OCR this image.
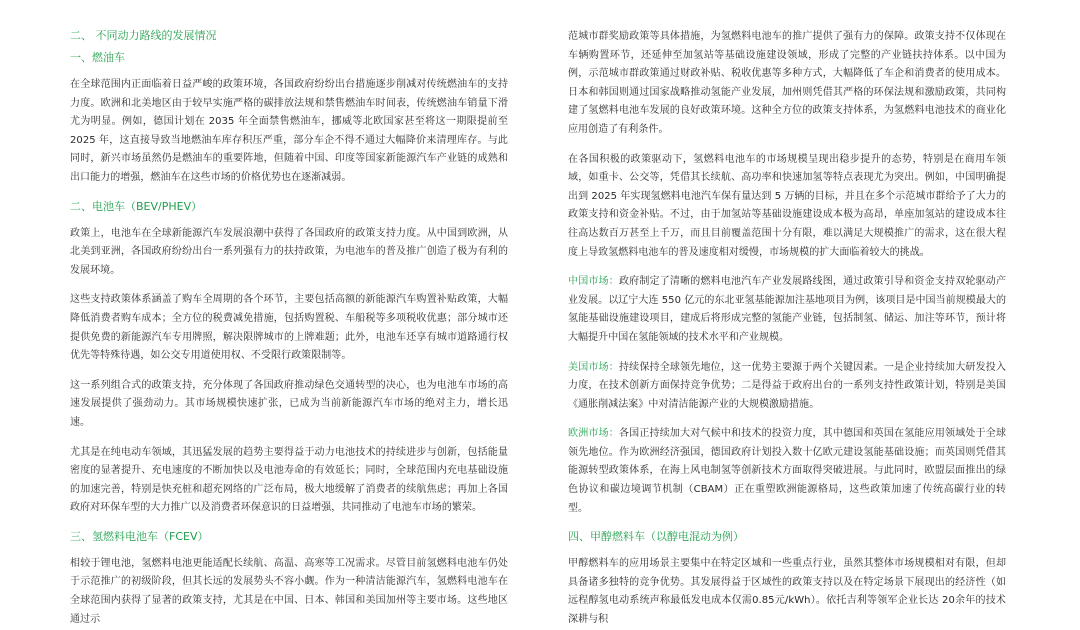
二、 不同动力路线的发展情况

一、燃油车

在全球范围内正面临着日益严峻的政策环境，各国政府纷纷出台措施逐步削减对传统燃油车的支持力度。欧洲和北美地区由于较早实施严格的碳排放法规和禁售燃油车时间表，传统燃油车销量下滑尤为明显。例如，德国计划在 2035 年全面禁售燃油车，挪威等北欧国家甚至将这一期限提前至 2025 年，这直接导致当地燃油车库存积压严重，部分车企不得不通过大幅降价来清理库存。与此同时，新兴市场虽然仍是燃油车的重要阵地，但随着中国、印度等国家新能源汽车产业链的成熟和出口能力的增强，燃油车在这些市场的价格优势也在逐渐减弱。

二、电池车（BEV/PHEV）

政策上，电池车在全球新能源汽车发展浪潮中获得了各国政府的政策支持力度。从中国到欧洲，从北美到亚洲，各国政府纷纷出台一系列强有力的扶持政策，为电池车的普及推广创造了极为有利的发展环境。

这些支持政策体系涵盖了购车全周期的各个环节，主要包括高额的新能源汽车购置补贴政策，大幅降低消费者购车成本；全方位的税费减免措施，包括购置税、车船税等多项税收优惠；部分城市还提供免费的新能源汽车专用牌照，解决限牌城市的上牌难题；此外，电池车还享有城市道路通行权优先等特殊待遇，如公交专用道使用权、不受限行政策限制等。

这一系列组合式的政策支持，充分体现了各国政府推动绿色交通转型的决心，也为电池车市场的高速发展提供了强劲动力。其市场规模快速扩张，已成为当前新能源汽车市场的绝对主力，增长迅速。

尤其是在纯电动车领域，其迅猛发展的趋势主要得益于动力电池技术的持续进步与创新，包括能量密度的显著提升、充电速度的不断加快以及电池寿命的有效延长；同时，全球范围内充电基础设施的加速完善，特别是快充桩和超充网络的广泛布局，极大地缓解了消费者的续航焦虑；再加上各国政府对环保车型的大力推广以及消费者环保意识的日益增强，共同推动了电池车市场的繁荣。

三、氢燃料电池车（FCEV）

相较于锂电池，氢燃料电池更能适配长续航、高温、高寒等工况需求。尽管目前氢燃料电池车仍处于示范推广的初级阶段，但其长远的发展势头不容小觑。作为一种清洁能源汽车，氢燃料电池车在全球范围内获得了显著的政策支持，尤其是在中国、日本、韩国和美国加州等主要市场。这些地区通过示

范城市群奖励政策等具体措施，为氢燃料电池车的推广提供了强有力的保障。政策支持不仅体现在车辆购置环节，还延伸至加氢站等基础设施建设领域，形成了完整的产业链扶持体系。以中国为例，示范城市群政策通过财政补贴、税收优惠等多种方式，大幅降低了车企和消费者的使用成本。日本和韩国则通过国家战略推动氢能产业发展，加州则凭借其严格的环保法规和激励政策，共同构建了氢燃料电池车发展的良好政策环境。这种全方位的政策支持体系，为氢燃料电池技术的商业化应用创造了有利条件。

在各国积极的政策驱动下，氢燃料电池车的市场规模呈现出稳步提升的态势，特别是在商用车领域，如重卡、公交等，凭借其长续航、高功率和快速加氢等特点表现尤为突出。例如，中国明确提出到 2025 年实现氢燃料电池汽车保有量达到 5 万辆的目标，并且在多个示范城市群给予了大力的政策支持和资金补贴。不过，由于加氢站等基础设施建设成本极为高昂，单座加氢站的建设成本往往高达数百万甚至上千万，而且目前覆盖范围十分有限，难以满足大规模推广的需求，这在很大程度上导致氢燃料电池车的普及速度相对缓慢，市场规模的扩大面临着较大的挑战。

中国市场：政府制定了清晰的燃料电池汽车产业发展路线图，通过政策引导和资金支持双轮驱动产业发展。以辽宁大连 550 亿元的东北亚氢基能源加注基地项目为例，该项目是中国当前规模最大的氢能基础设施建设项目，建成后将形成完整的氢能产业链，包括制氢、储运、加注等环节，预计将大幅提升中国在氢能领域的技术水平和产业规模。

美国市场：持续保持全球领先地位，这一优势主要源于两个关键因素。一是企业持续加大研发投入力度，在技术创新方面保持竞争优势；二是得益于政府出台的一系列支持性政策计划，特别是美国《通胀削减法案》中对清洁能源产业的大规模激励措施。

欧洲市场：各国正持续加大对气候中和技术的投资力度，其中德国和英国在氢能应用领域处于全球领先地位。作为欧洲经济强国，德国政府计划投入数十亿欧元建设氢能基础设施；而英国则凭借其能源转型政策体系，在海上风电制氢等创新技术方面取得突破进展。与此同时，欧盟层面推出的绿色协议和碳边境调节机制（CBAM）正在重塑欧洲能源格局，这些政策加速了传统高碳行业的转型。

四、甲醇燃料车（以醇电混动为例）

甲醇燃料车的应用场景主要集中在特定区域和一些重点行业，虽然其整体市场规模相对有限，但却具备诸多独特的竞争优势。其发展得益于区域性的政策支持以及在特定场景下展现出的经济性（如远程醇氢电动系统声称最低发电成本仅需0.85元/kWh）。依托吉利等领军企业长达 20余年的技术深耕与积
